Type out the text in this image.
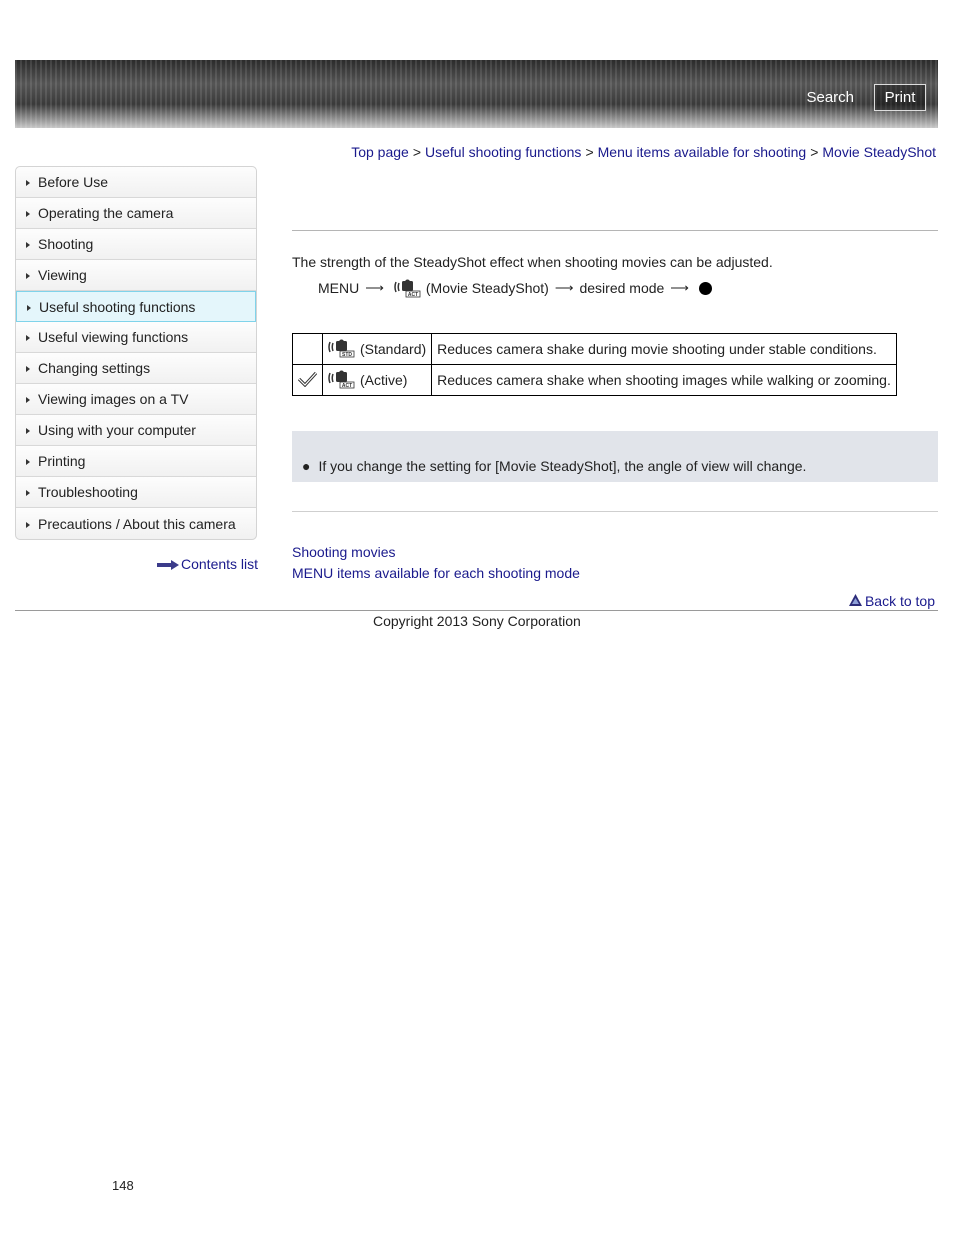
Search	Print
Top page > Useful shooting functions > Menu items available for shooting > Movie SteadyShot
Before Use
Operating the camera
Shooting
Viewing
Useful shooting functions
Useful viewing functions
Changing settings
Viewing images on a TV
Using with your computer
Printing
Troubleshooting
Precautions / About this camera
Contents list
The strength of the SteadyShot effect when shooting movies can be adjusted.
MENU ⟶	ACT (Movie SteadyShot) ⟶ desired mode ⟶

STD (Standard)	Reduces camera shake during movie shooting under stable conditions.

ACT (Active)	Reduces camera shake when shooting images while walking or zooming.
● If you change the setting for [Movie SteadyShot], the angle of view will change.
Shooting movies
MENU items available for each shooting mode
Back to top
Copyright 2013 Sony Corporation
148
